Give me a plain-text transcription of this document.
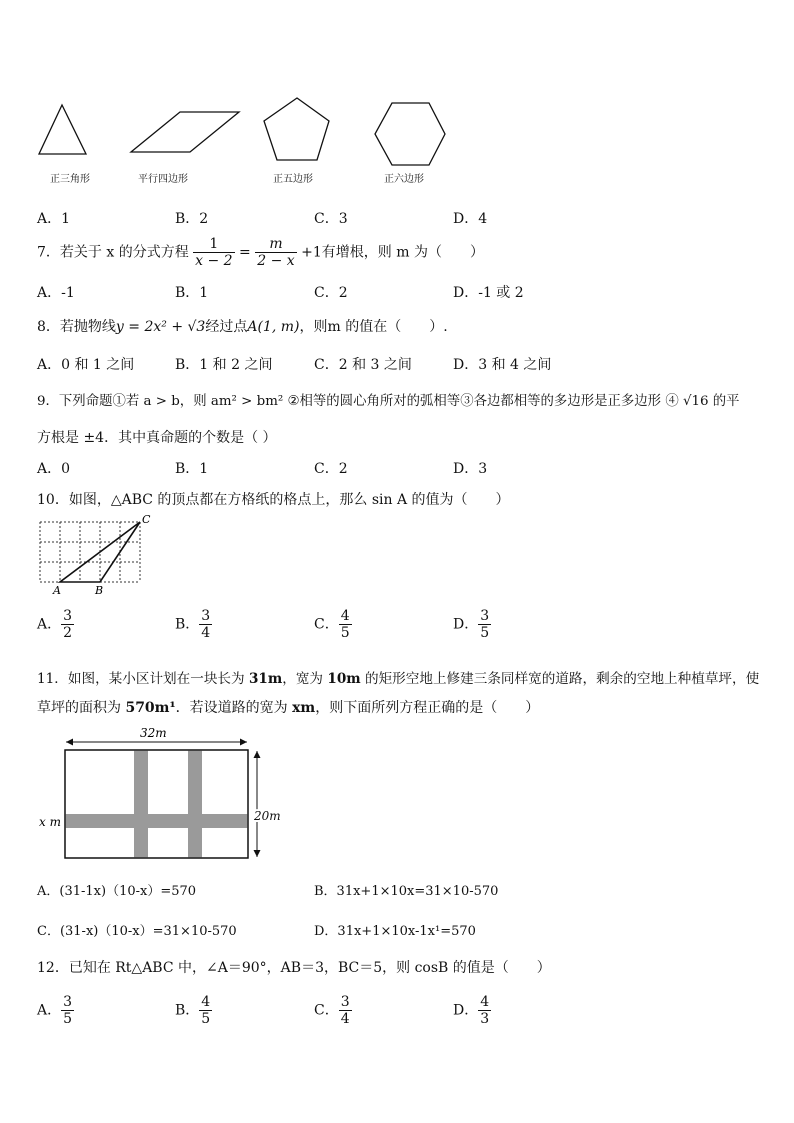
正三角形	平行四边形	正五边形	正六边形
A．1	B．2	C．3	D．4
7．若关于 x 的分式方程 $\frac{1}{x - 2} = \frac{m}{2 - x} +1$有增根，则 m 为（　　）
A．-1	B．1	C．2	D．-1 或 2
8．若抛物线y = 2x² + √3经过点A(1, m)，则m 的值在（　　）.
A．0 和 1 之间	B．1 和 2 之间	C．2 和 3 之间	D．3 和 4 之间
9．下列命题①若 a > b，则 am² > bm² ②相等的圆心角所对的弧相等③各边都相等的多边形是正多边形 ④ √16 的平
方根是 ±4．其中真命题的个数是（ ）
A．0	B．1	C．2	D．3
10．如图，△ABC 的顶点都在方格纸的格点上，那么 sin A 的值为（　　）
A	B
C
A． $\frac{3}{2}$	B． $\frac{3}{4}$	C． $\frac{4}{5}$	D． $\frac{3}{5}$
11．如图，某小区计划在一块长为 31m，宽为 10m 的矩形空地上修建三条同样宽的道路，剩余的空地上种植草坪，使
草坪的面积为 570m¹．若设道路的宽为 xm，则下面所列方程正确的是（　　）
32m
20m
x m
A．(31-1x)（10-x）=570	B．31x+1×10x=31×10-570
C．(31-x)（10-x）=31×10-570	D．31x+1×10x-1x¹=570
12．已知在 Rt△ABC 中，∠A＝90°，AB＝3，BC＝5，则 cosB 的值是（　　）
A． $\frac{3}{5}$	B． $\frac{4}{5}$	C． $\frac{3}{4}$	D． $\frac{4}{3}$
